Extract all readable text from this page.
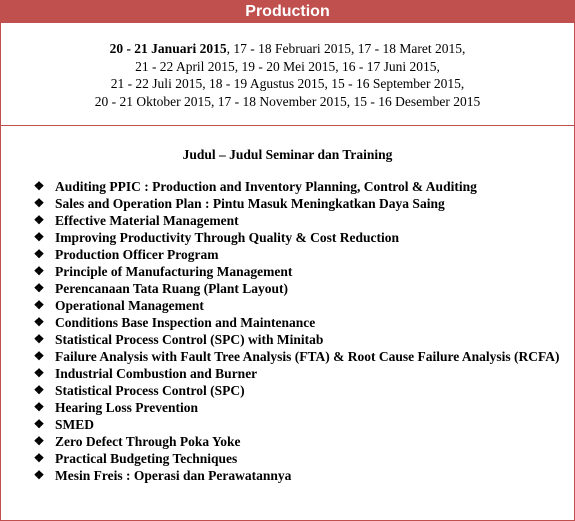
Production
20 - 21 Januari 2015, 17 - 18 Februari 2015, 17 - 18 Maret 2015,
21 - 22 April 2015, 19 - 20 Mei 2015, 16 - 17 Juni 2015,
21 - 22 Juli 2015, 18 - 19 Agustus 2015, 15 - 16 September 2015,
20 - 21 Oktober 2015, 17 - 18 November 2015, 15 - 16 Desember 2015
Judul – Judul Seminar dan Training
❖ Auditing PPIC : Production and Inventory Planning, Control & Auditing
❖ Sales and Operation Plan : Pintu Masuk Meningkatkan Daya Saing
❖ Effective Material Management
❖ Improving Productivity Through Quality & Cost Reduction
❖ Production Officer Program
❖ Principle of Manufacturing Management
❖ Perencanaan Tata Ruang (Plant Layout)
❖ Operational Management
❖ Conditions Base Inspection and Maintenance
❖ Statistical Process Control (SPC) with Minitab
❖ Failure Analysis with Fault Tree Analysis (FTA) & Root Cause Failure Analysis (RCFA)
❖ Industrial Combustion and Burner
❖ Statistical Process Control (SPC)
❖ Hearing Loss Prevention
❖ SMED
❖ Zero Defect Through Poka Yoke
❖ Practical Budgeting Techniques
❖ Mesin Freis : Operasi dan Perawatannya
